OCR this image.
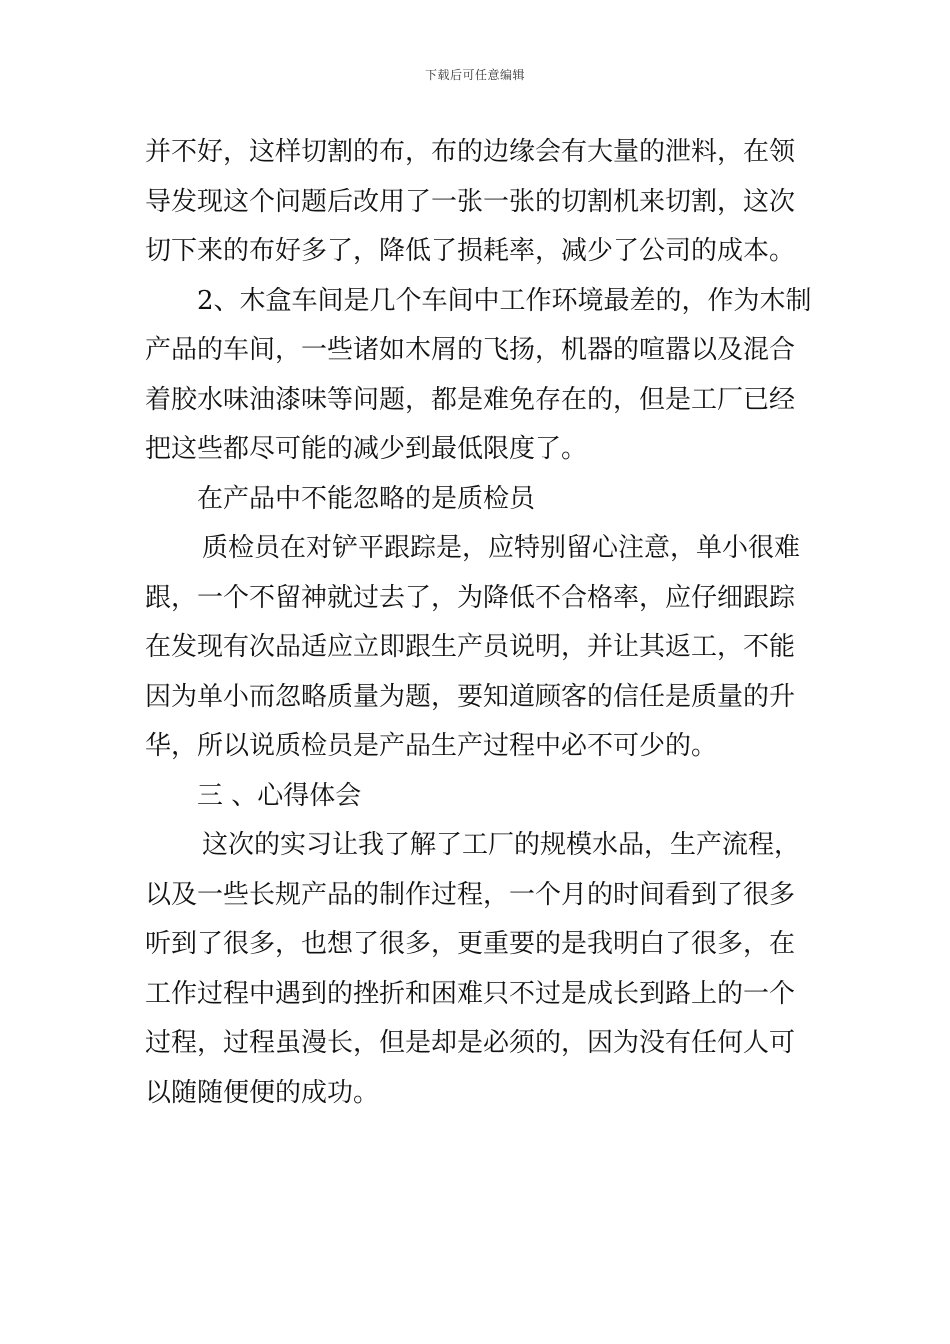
下载后可任意编辑
并不好，这样切割的布，布的边缘会有大量的泄料，在领
导发现这个问题后改用了一张一张的切割机来切割，这次
切下来的布好多了，降低了损耗率，减少了公司的成本。
2、木盒车间是几个车间中工作环境最差的，作为木制
产品的车间，一些诸如木屑的飞扬，机器的喧嚣以及混合
着胶水味油漆味等问题，都是难免存在的，但是工厂已经
把这些都尽可能的减少到最低限度了。
在产品中不能忽略的是质检员
质检员在对铲平跟踪是，应特别留心注意，单小很难
跟，一个不留神就过去了，为降低不合格率，应仔细跟踪
在发现有次品适应立即跟生产员说明，并让其返工，不能
因为单小而忽略质量为题，要知道顾客的信任是质量的升
华，所以说质检员是产品生产过程中必不可少的。
三 、心得体会
这次的实习让我了解了工厂的规模水品，生产流程，
以及一些长规产品的制作过程，一个月的时间看到了很多
听到了很多，也想了很多，更重要的是我明白了很多，在
工作过程中遇到的挫折和困难只不过是成长到路上的一个
过程，过程虽漫长，但是却是必须的，因为没有任何人可
以随随便便的成功。
